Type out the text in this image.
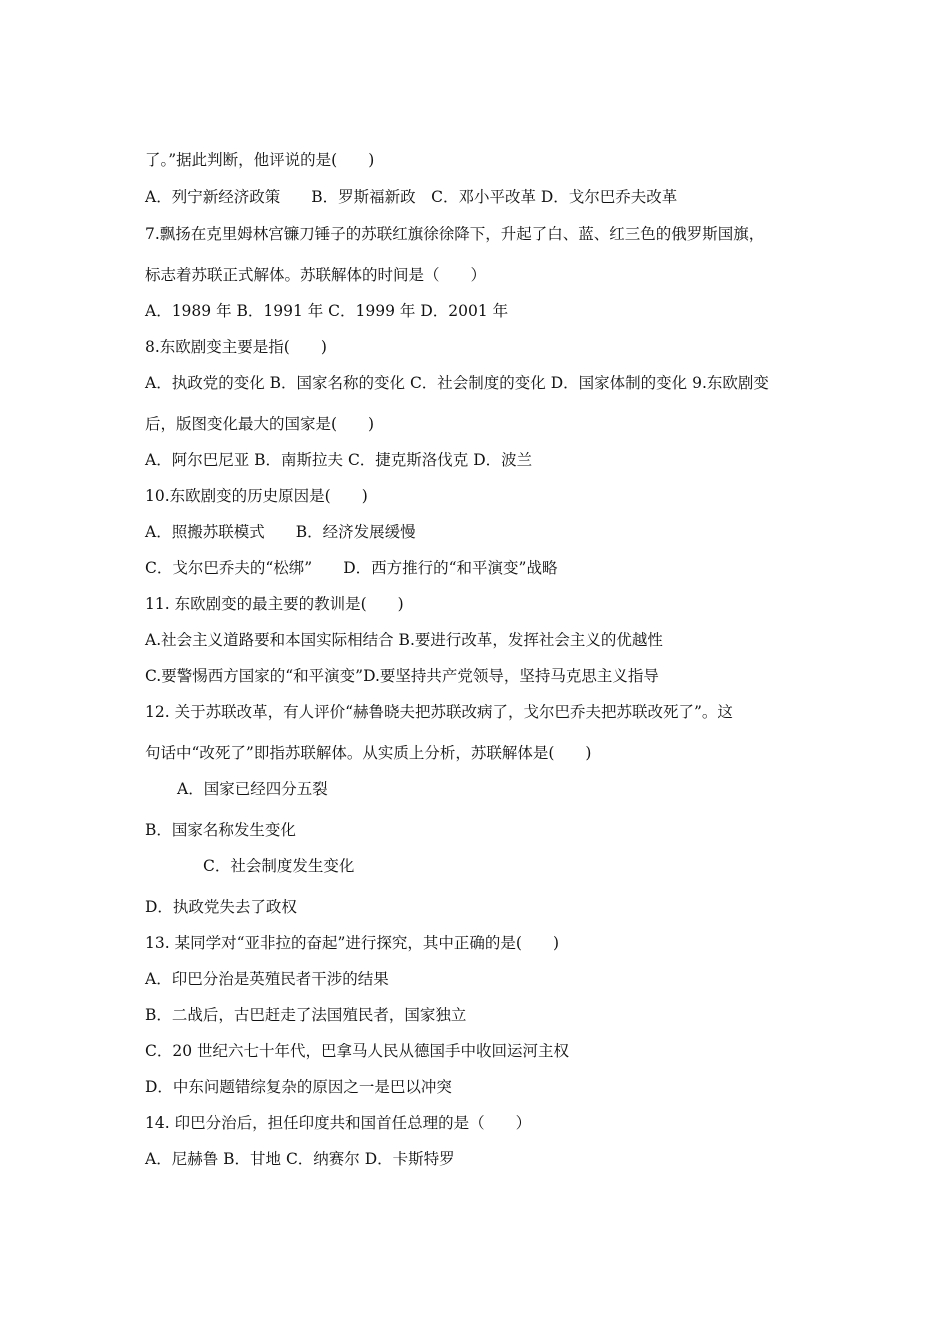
了。”据此判断，他评说的是(　　)
A．列宁新经济政策　　B．罗斯福新政　C．邓小平改革 D．戈尔巴乔夫改革
7.飘扬在克里姆林宫镰刀锤子的苏联红旗徐徐降下，升起了白、蓝、红三色的俄罗斯国旗，
标志着苏联正式解体。苏联解体的时间是（　　）
A．1989 年 B．1991 年 C．1999 年 D．2001 年
8.东欧剧变主要是指(　　)
A．执政党的变化 B．国家名称的变化 C．社会制度的变化 D．国家体制的变化 9.东欧剧变
后，版图变化最大的国家是(　　)
A．阿尔巴尼亚 B．南斯拉夫 C．捷克斯洛伐克 D．波兰
10.东欧剧变的历史原因是(　　)
A．照搬苏联模式　　B．经济发展缓慢
C．戈尔巴乔夫的“松绑”　　D．西方推行的“和平演变”战略
11. 东欧剧变的最主要的教训是(　　)
A.社会主义道路要和本国实际相结合 B.要进行改革，发挥社会主义的优越性
C.要警惕西方国家的“和平演变”D.要坚持共产党领导，坚持马克思主义指导
12. 关于苏联改革，有人评价“赫鲁晓夫把苏联改病了，戈尔巴乔夫把苏联改死了”。这
句话中“改死了”即指苏联解体。从实质上分析，苏联解体是(　　)
A．国家已经四分五裂
B．国家名称发生变化
C．社会制度发生变化
D．执政党失去了政权
13. 某同学对“亚非拉的奋起”进行探究，其中正确的是(　　)
A．印巴分治是英殖民者干涉的结果
B．二战后，古巴赶走了法国殖民者，国家独立
C．20 世纪六七十年代，巴拿马人民从德国手中收回运河主权
D．中东问题错综复杂的原因之一是巴以冲突
14. 印巴分治后，担任印度共和国首任总理的是（　　）
A．尼赫鲁 B．甘地 C．纳赛尔 D．卡斯特罗
